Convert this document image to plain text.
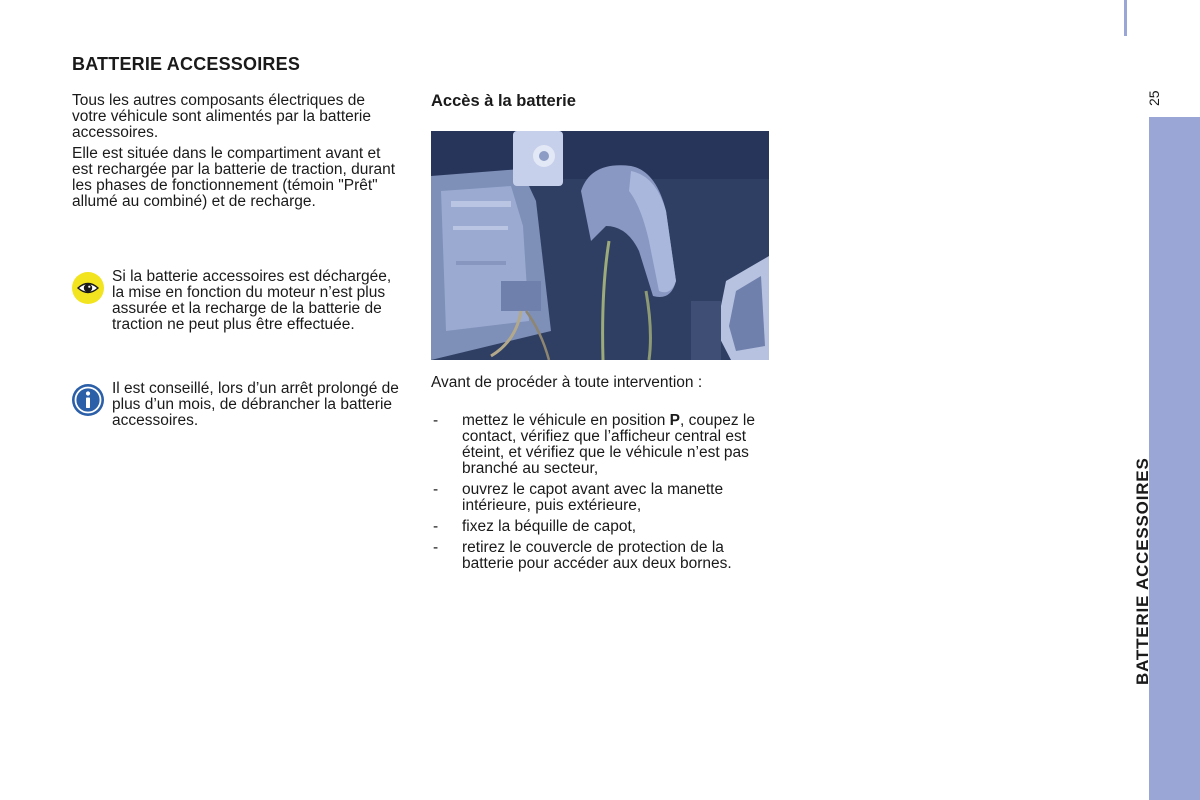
BATTERIE ACCESSOIRES

Tous les autres composants électriques de votre véhicule sont alimentés par la batterie accessoires.

Elle est située dans le compartiment avant et est rechargée par la batterie de traction, durant les phases de fonctionnement (témoin "Prêt" allumé au combiné) et de recharge.

Si la batterie accessoires est déchargée, la mise en fonction du moteur n’est plus assurée et la recharge de la batterie de traction ne peut plus être effectuée.
Il est conseillé, lors d’un arrêt prolongé de plus d’un mois, de débrancher la batterie accessoires.
Accès à la batterie
Avant de procéder à toute intervention :
- mettez le véhicule en position P, coupez le contact, vérifiez que l’afficheur central est éteint, et vérifiez que le véhicule n’est pas branché au secteur,
- ouvrez le capot avant avec la manette intérieure, puis extérieure,
- fixez la béquille de capot,
- retirez le couvercle de protection de la batterie pour accéder aux deux bornes.
25
BATTERIE ACCESSOIRES
